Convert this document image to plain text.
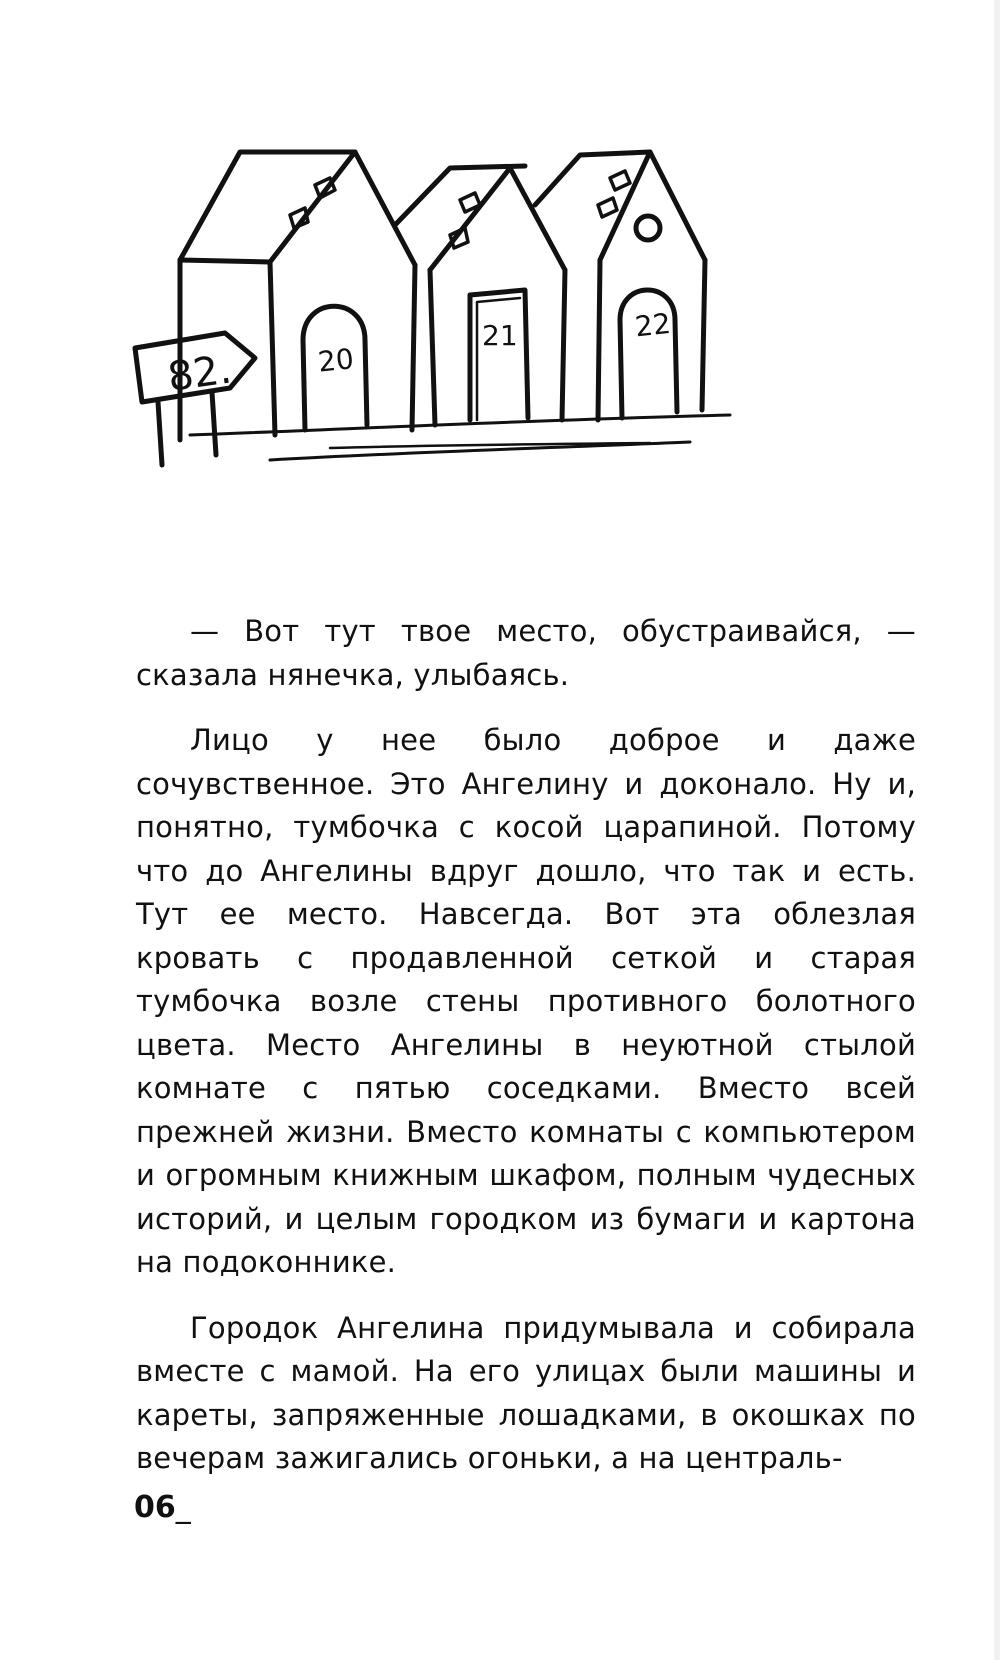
82.	20
21	22

— Вот тут твое место, обустраивайся, — сказала нянечка, улыбаясь.

Лицо у нее было доброе и даже сочувственное. Это Ангелину и доконало. Ну и, понятно, тумбочка с косой царапиной. Потому что до Ангелины вдруг дошло, что так и есть. Тут ее место. Навсегда. Вот эта облезлая кровать с продавленной сеткой и старая тумбочка возле стены противного болотного цвета. Место Ангелины в неуютной стылой комнате с пятью соседками. Вместо всей прежней жизни. Вместо комнаты с компьютером и огромным книжным шкафом, полным чудесных историй, и целым городком из бумаги и картона на подоконнике.

Городок Ангелина придумывала и собирала вместе с мамой. На его улицах были машины и кареты, запряженные лошадками, в окошках по вечерам зажигались огоньки, а на централь-

06_
